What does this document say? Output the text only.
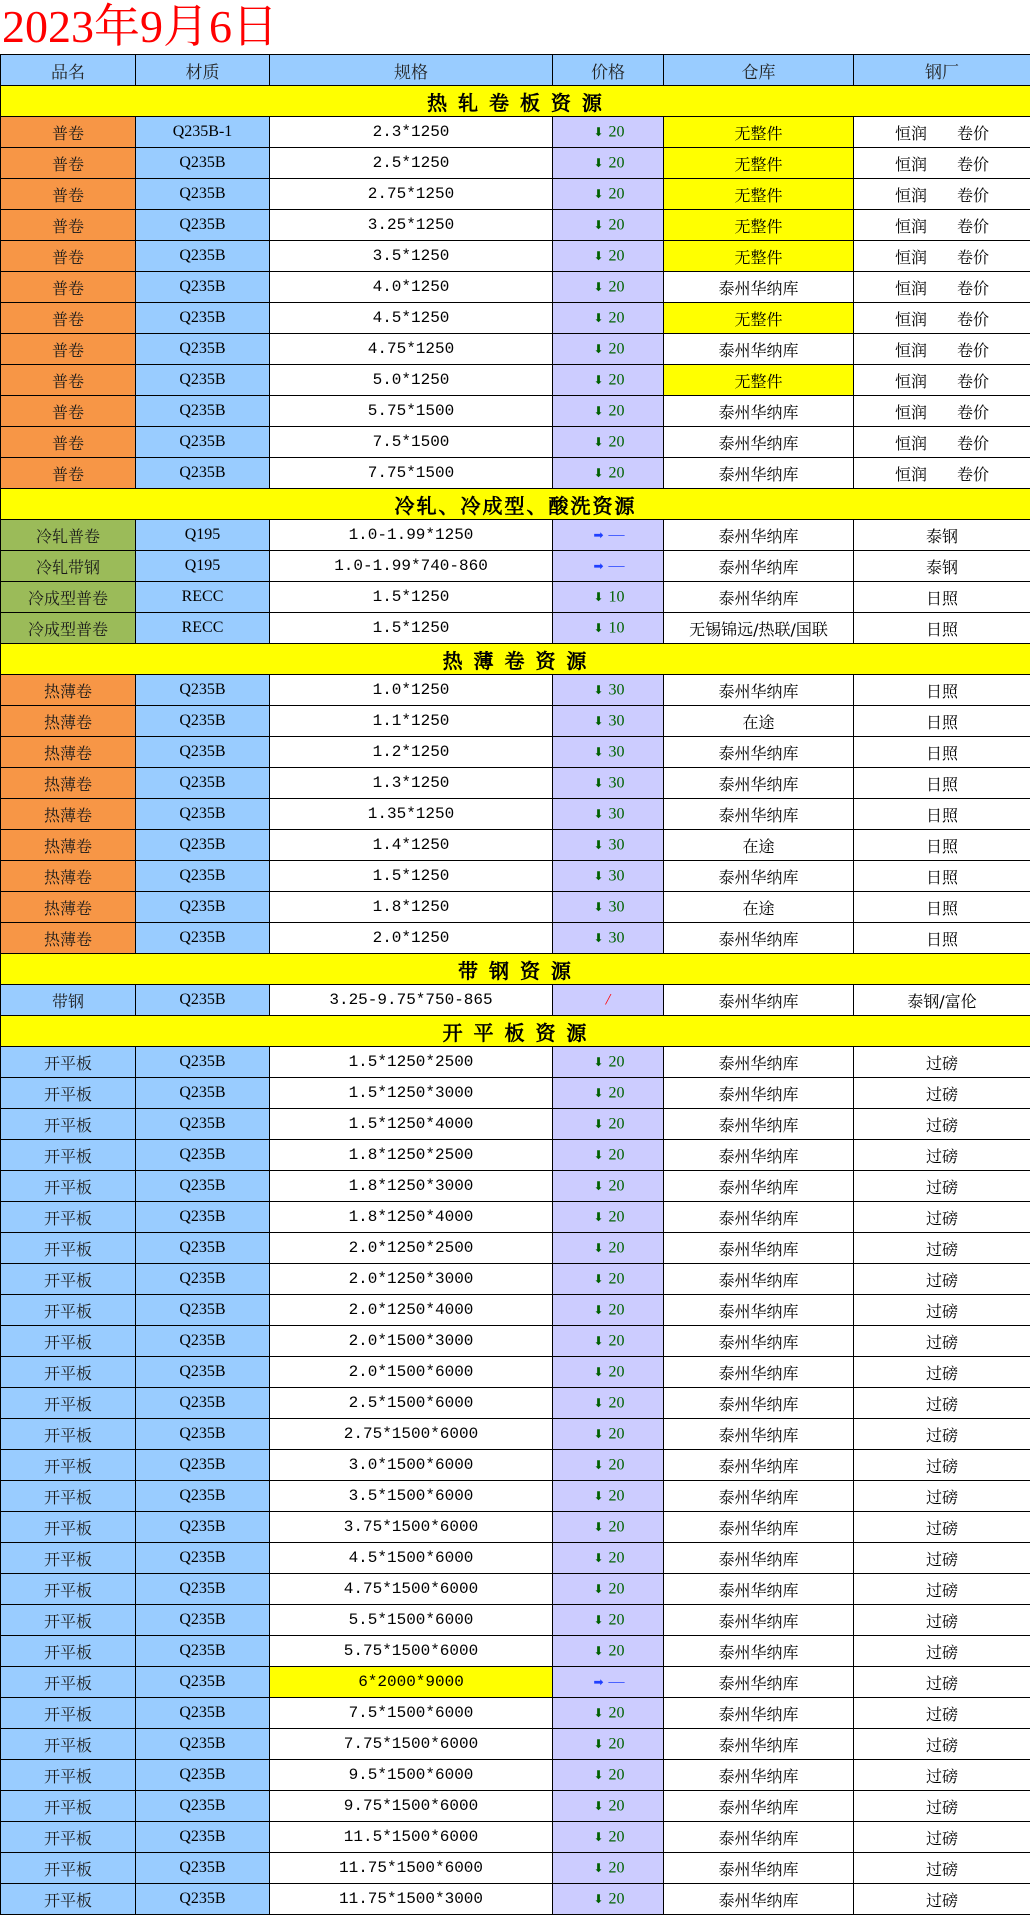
2023年9月6日
品名	材质	规格	价格	仓库	钢厂
热 轧 卷 板 资 源					
普卷	Q235B-1	2.3*1250	⬇ 20	无整件	恒润 卷价
普卷	Q235B	2.5*1250	⬇ 20	无整件	恒润 卷价
普卷	Q235B	2.75*1250	⬇ 20	无整件	恒润 卷价
普卷	Q235B	3.25*1250	⬇ 20	无整件	恒润 卷价
普卷	Q235B	3.5*1250	⬇ 20	无整件	恒润 卷价
普卷	Q235B	4.0*1250	⬇ 20	泰州华纳库	恒润 卷价
普卷	Q235B	4.5*1250	⬇ 20	无整件	恒润 卷价
普卷	Q235B	4.75*1250	⬇ 20	泰州华纳库	恒润 卷价
普卷	Q235B	5.0*1250	⬇ 20	无整件	恒润 卷价
普卷	Q235B	5.75*1500	⬇ 20	泰州华纳库	恒润 卷价
普卷	Q235B	7.5*1500	⬇ 20	泰州华纳库	恒润 卷价
普卷	Q235B	7.75*1500	⬇ 20	泰州华纳库	恒润 卷价
冷轧、冷成型、酸洗资源					
冷轧普卷	Q195	1.0-1.99*1250	➡ —	泰州华纳库	泰钢
冷轧带钢	Q195	1.0-1.99*740-860	➡ —	泰州华纳库	泰钢
冷成型普卷	RECC	1.5*1250	⬇ 10	泰州华纳库	日照
冷成型普卷	RECC	1.5*1250	⬇ 10	无锡锦远/热联/国联	日照
热 薄 卷 资 源					
热薄卷	Q235B	1.0*1250	⬇ 30	泰州华纳库	日照
热薄卷	Q235B	1.1*1250	⬇ 30	在途	日照
热薄卷	Q235B	1.2*1250	⬇ 30	泰州华纳库	日照
热薄卷	Q235B	1.3*1250	⬇ 30	泰州华纳库	日照
热薄卷	Q235B	1.35*1250	⬇ 30	泰州华纳库	日照
热薄卷	Q235B	1.4*1250	⬇ 30	在途	日照
热薄卷	Q235B	1.5*1250	⬇ 30	泰州华纳库	日照
热薄卷	Q235B	1.8*1250	⬇ 30	在途	日照
热薄卷	Q235B	2.0*1250	⬇ 30	泰州华纳库	日照
带 钢 资 源					
带钢	Q235B	3.25-9.75*750-865	/	泰州华纳库	泰钢/富伦
开 平 板 资 源					
开平板	Q235B	1.5*1250*2500	⬇ 20	泰州华纳库	过磅
开平板	Q235B	1.5*1250*3000	⬇ 20	泰州华纳库	过磅
开平板	Q235B	1.5*1250*4000	⬇ 20	泰州华纳库	过磅
开平板	Q235B	1.8*1250*2500	⬇ 20	泰州华纳库	过磅
开平板	Q235B	1.8*1250*3000	⬇ 20	泰州华纳库	过磅
开平板	Q235B	1.8*1250*4000	⬇ 20	泰州华纳库	过磅
开平板	Q235B	2.0*1250*2500	⬇ 20	泰州华纳库	过磅
开平板	Q235B	2.0*1250*3000	⬇ 20	泰州华纳库	过磅
开平板	Q235B	2.0*1250*4000	⬇ 20	泰州华纳库	过磅
开平板	Q235B	2.0*1500*3000	⬇ 20	泰州华纳库	过磅
开平板	Q235B	2.0*1500*6000	⬇ 20	泰州华纳库	过磅
开平板	Q235B	2.5*1500*6000	⬇ 20	泰州华纳库	过磅
开平板	Q235B	2.75*1500*6000	⬇ 20	泰州华纳库	过磅
开平板	Q235B	3.0*1500*6000	⬇ 20	泰州华纳库	过磅
开平板	Q235B	3.5*1500*6000	⬇ 20	泰州华纳库	过磅
开平板	Q235B	3.75*1500*6000	⬇ 20	泰州华纳库	过磅
开平板	Q235B	4.5*1500*6000	⬇ 20	泰州华纳库	过磅
开平板	Q235B	4.75*1500*6000	⬇ 20	泰州华纳库	过磅
开平板	Q235B	5.5*1500*6000	⬇ 20	泰州华纳库	过磅
开平板	Q235B	5.75*1500*6000	⬇ 20	泰州华纳库	过磅
开平板	Q235B	6*2000*9000	➡ —	泰州华纳库	过磅
开平板	Q235B	7.5*1500*6000	⬇ 20	泰州华纳库	过磅
开平板	Q235B	7.75*1500*6000	⬇ 20	泰州华纳库	过磅
开平板	Q235B	9.5*1500*6000	⬇ 20	泰州华纳库	过磅
开平板	Q235B	9.75*1500*6000	⬇ 20	泰州华纳库	过磅
开平板	Q235B	11.5*1500*6000	⬇ 20	泰州华纳库	过磅
开平板	Q235B	11.75*1500*6000	⬇ 20	泰州华纳库	过磅
开平板	Q235B	11.75*1500*3000	⬇ 20	泰州华纳库	过磅
